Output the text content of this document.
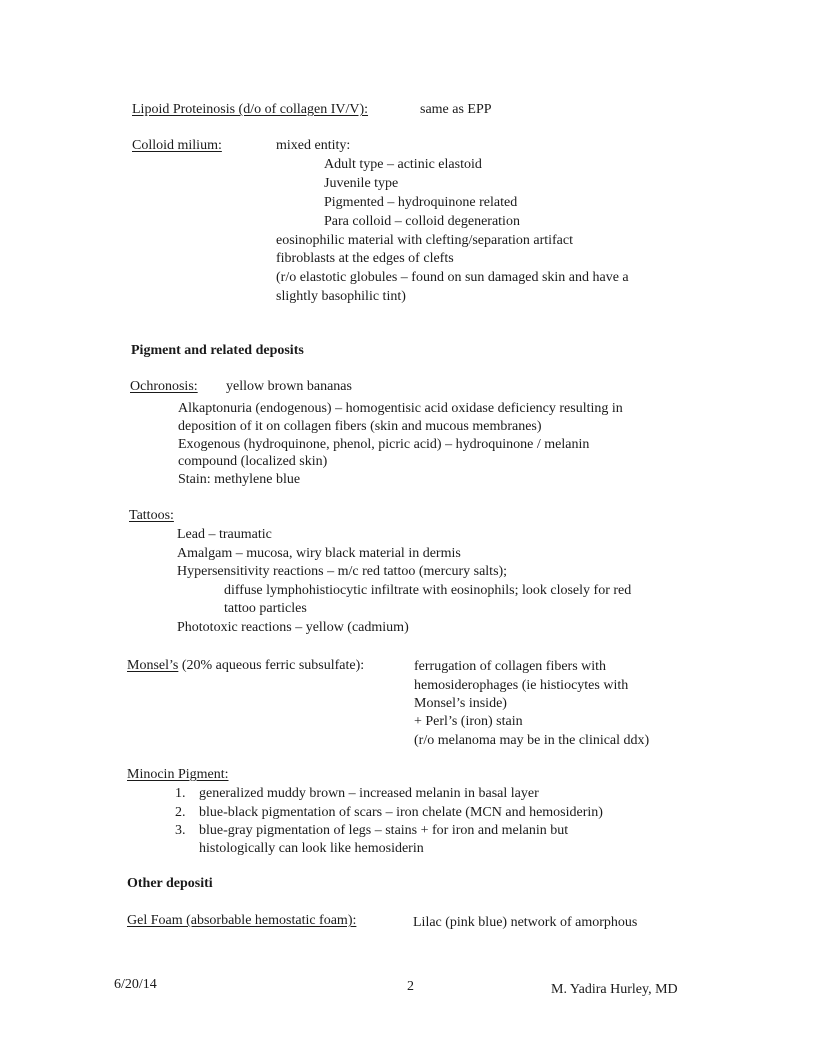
Lipoid Proteinosis (d/o of collagen IV/V):	same as EPP
Colloid milium:	mixed entity:
Adult type – actinic elastoid
Juvenile type
Pigmented – hydroquinone related
Para colloid – colloid degeneration
eosinophilic material with clefting/separation artifact
fibroblasts at the edges of clefts
(r/o elastotic globules – found on sun damaged skin and have a
slightly basophilic tint)
Pigment and related deposits
Ochronosis: yellow brown bananas
Alkaptonuria (endogenous) – homogentisic acid oxidase deficiency resulting in
deposition of it on collagen fibers (skin and mucous membranes)
Exogenous (hydroquinone, phenol, picric acid) – hydroquinone / melanin
compound (localized skin)
Stain: methylene blue
Tattoos:
Lead – traumatic
Amalgam – mucosa, wiry black material in dermis
Hypersensitivity reactions – m/c red tattoo (mercury salts);
diffuse lymphohistiocytic infiltrate with eosinophils; look closely for red
tattoo particles
Phototoxic reactions – yellow (cadmium)
Monsel’s (20% aqueous ferric subsulfate):	ferrugation of collagen fibers with
hemosiderophages (ie histiocytes with
Monsel’s inside)
+ Perl’s (iron) stain
(r/o melanoma may be in the clinical ddx)
Minocin Pigment:
1. generalized muddy brown – increased melanin in basal layer
2. blue-black pigmentation of scars – iron chelate (MCN and hemosiderin)
3. blue-gray pigmentation of legs – stains + for iron and melanin but
histologically can look like hemosiderin
Other depositi
Gel Foam (absorbable hemostatic foam):	Lilac (pink blue) network of amorphous
6/20/14	2	M. Yadira Hurley, MD
